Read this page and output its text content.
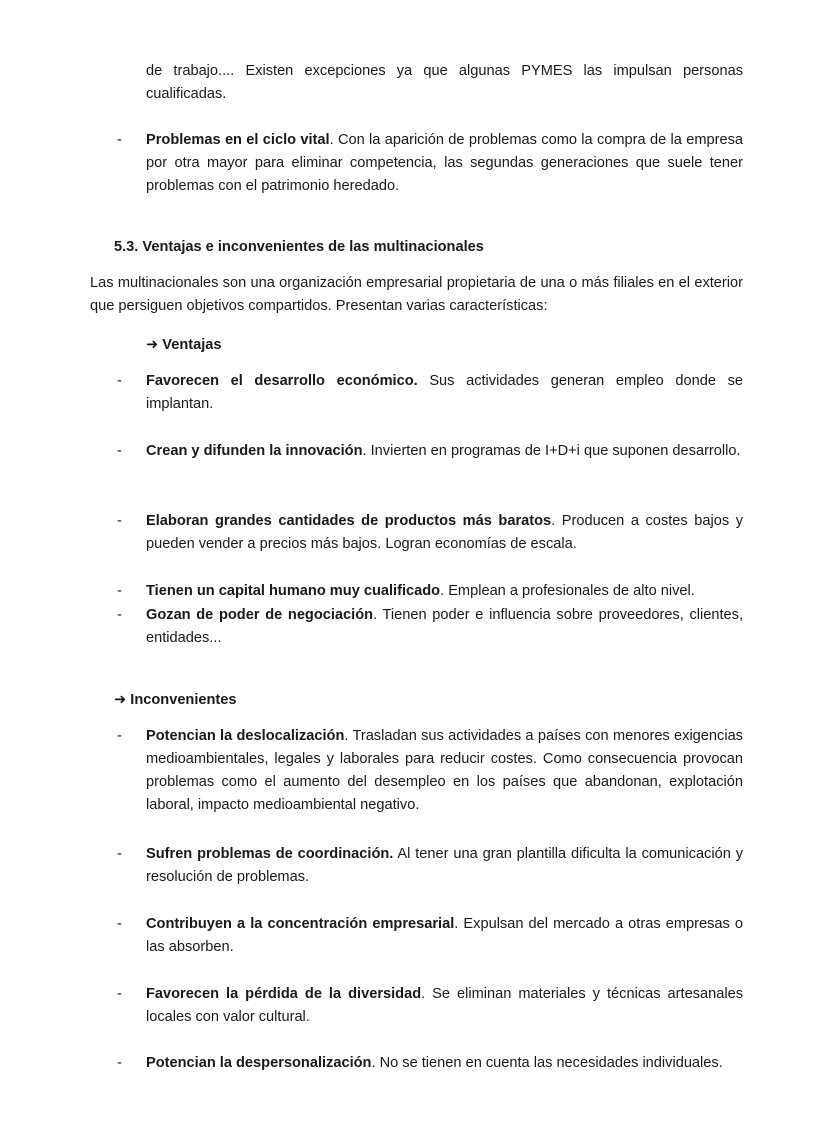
de trabajo.... Existen excepciones ya que algunas PYMES las impulsan personas cualificadas.
- Problemas en el ciclo vital. Con la aparición de problemas como la compra de la empresa por otra mayor para eliminar competencia, las segundas generaciones que suele tener problemas con el patrimonio heredado.

5.3. Ventajas e inconvenientes de las multinacionales

Las multinacionales son una organización empresarial propietaria de una o más filiales en el exterior que persiguen objetivos compartidos. Presentan varias características:

➜ Ventajas
- Favorecen el desarrollo económico. Sus actividades generan empleo donde se implantan.

- Crean y difunden la innovación. Invierten en programas de I+D+i que suponen desarrollo.

- Elaboran grandes cantidades de productos más baratos. Producen a costes bajos y pueden vender a precios más bajos. Logran economías de escala.

- Tienen un capital humano muy cualificado. Emplean a profesionales de alto nivel.

- Gozan de poder de negociación. Tienen poder e influencia sobre proveedores, clientes, entidades...

➜ Inconvenientes
- Potencian la deslocalización. Trasladan sus actividades a países con menores exigencias medioambientales, legales y laborales para reducir costes. Como consecuencia provocan problemas como el aumento del desempleo en los países que abandonan, explotación laboral, impacto medioambiental negativo.

- Sufren problemas de coordinación. Al tener una gran plantilla dificulta la comunicación y resolución de problemas.

- Contribuyen a la concentración empresarial. Expulsan del mercado a otras empresas o las absorben.

- Favorecen la pérdida de la diversidad. Se eliminan materiales y técnicas artesanales locales con valor cultural.

- Potencian la despersonalización. No se tienen en cuenta las necesidades individuales.
